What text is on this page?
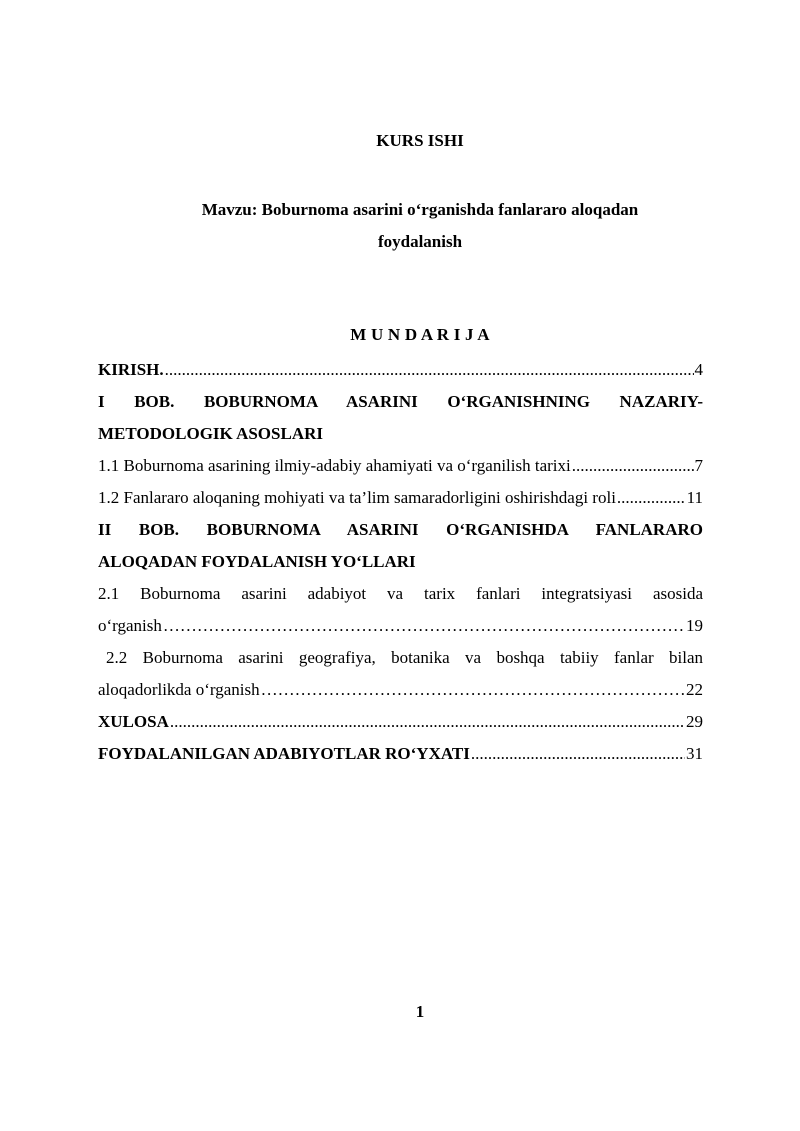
KURS ISHI
Mavzu: Boburnoma asarini o‘rganishda fanlararo aloqadan
foydalanish
M U N D A R I J A
KIRISH. .....	4
I BOB. BOBURNOMA ASARINI O‘RGANISHNING NAZARIY-
METODOLOGIK ASOSLARI
1.1 Boburnoma asarining ilmiy-adabiy ahamiyati va o‘rganilish tarixi .....	7
1.2 Fanlararo aloqaning mohiyati va ta’lim samaradorligini oshirishdagi roli .....	11
II BOB. BOBURNOMA ASARINI O‘RGANISHDA FANLARARO
ALOQADAN FOYDALANISH YO‘LLARI
2.1 Boburnoma asarini adabiyot va tarix fanlari integratsiyasi asosida
o‘rganish ………………………………………………………………………………………………………………………………………………………………………	19
2.2 Boburnoma asarini geografiya, botanika va boshqa tabiiy fanlar bilan
aloqadorlikda o‘rganish ………………………………………………………………………………………………………………………………………………………………………	22
XULOSA .....	29
FOYDALANILGAN ADABIYOTLAR RO‘YXATI .....	31
1
